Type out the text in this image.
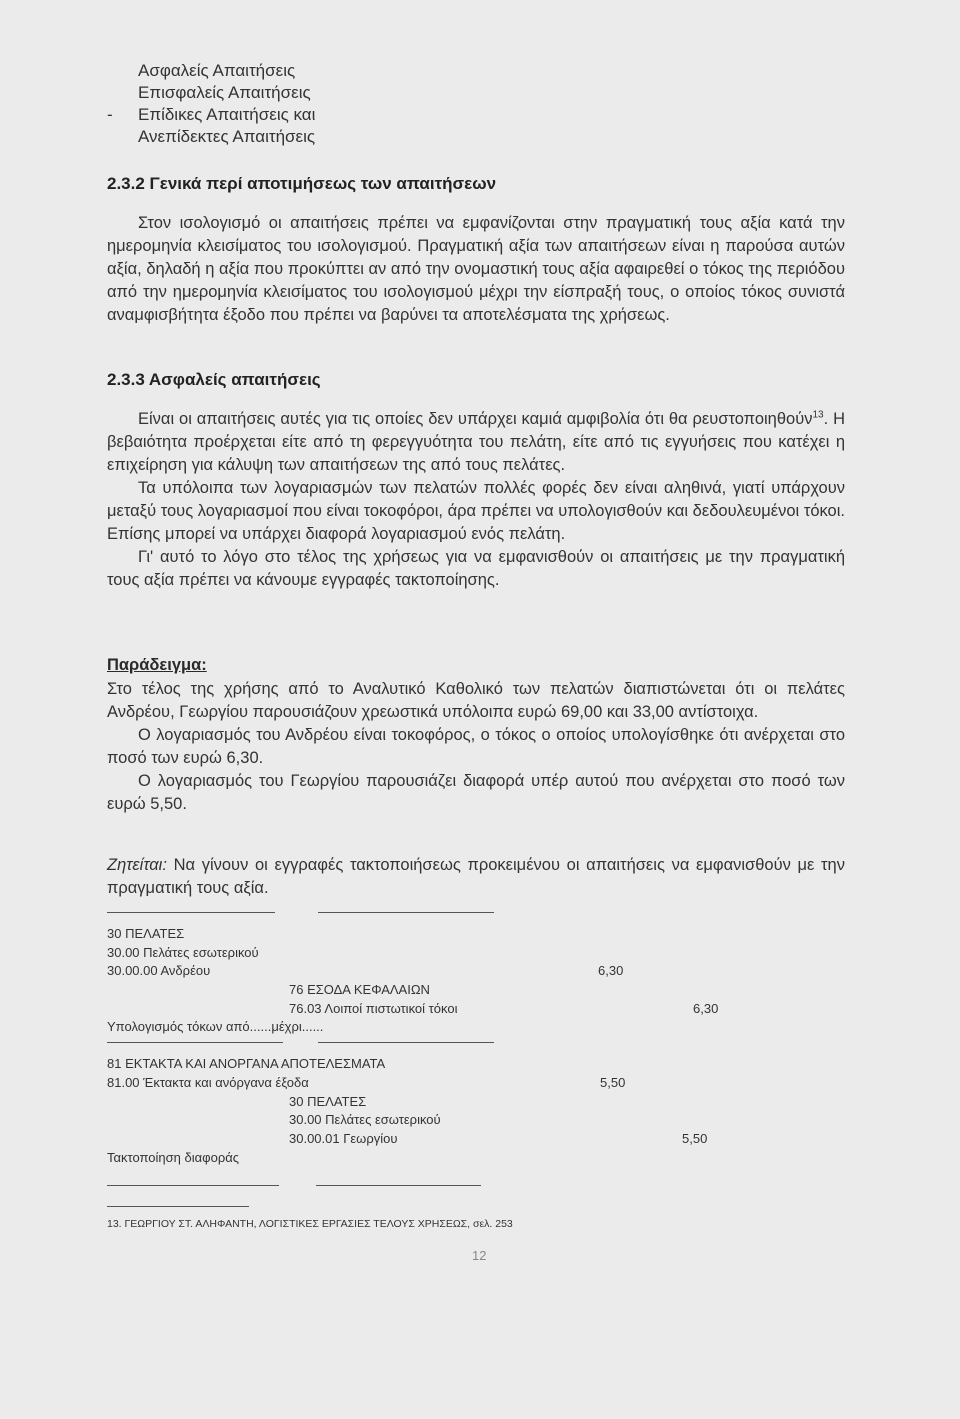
Ασφαλείς Απαιτήσεις
Επισφαλείς Απαιτήσεις
- Επίδικες Απαιτήσεις και
Ανεπίδεκτες Απαιτήσεις
2.3.2 Γενικά περί αποτιμήσεως των απαιτήσεων

Στον ισολογισμό οι απαιτήσεις πρέπει να εμφανίζονται στην πραγματική τους αξία κατά την ημερομηνία κλεισίματος του ισολογισμού. Πραγματική αξία των απαιτήσεων είναι η παρούσα αυτών αξία, δηλαδή η αξία που προκύπτει αν από την ονομαστική τους αξία αφαιρεθεί ο τόκος της περιόδου από την ημερομηνία κλεισίματος του ισολογισμού μέχρι την είσπραξή τους, ο οποίος τόκος συνιστά αναμφισβήτητα έξοδο που πρέπει να βαρύνει τα αποτελέσματα της χρήσεως.

2.3.3 Ασφαλείς απαιτήσεις

Είναι οι απαιτήσεις αυτές για τις οποίες δεν υπάρχει καμιά αμφιβολία ότι θα ρευστοποιηθούν$^{13}$. Η βεβαιότητα προέρχεται είτε από τη φερεγγυότητα του πελάτη, είτε από τις εγγυήσεις που κατέχει η επιχείρηση για κάλυψη των απαιτήσεων της από τους πελάτες.

Τα υπόλοιπα των λογαριασμών των πελατών πολλές φορές δεν είναι αληθινά, γιατί υπάρχουν μεταξύ τους λογαριασμοί που είναι τοκοφόροι, άρα πρέπει να υπολογισθούν και δεδουλευμένοι τόκοι. Επίσης μπορεί να υπάρχει διαφορά λογαριασμού ενός πελάτη.

Γι' αυτό το λόγο στο τέλος της χρήσεως για να εμφανισθούν οι απαιτήσεις με την πραγματική τους αξία πρέπει να κάνουμε εγγραφές τακτοποίησης.

Παράδειγμα:

Στο τέλος της χρήσης από το Αναλυτικό Καθολικό των πελατών διαπιστώνεται ότι οι πελάτες Ανδρέου, Γεωργίου παρουσιάζουν χρεωστικά υπόλοιπα ευρώ 69,00 και 33,00 αντίστοιχα.

Ο λογαριασμός του Ανδρέου είναι τοκοφόρος, ο τόκος ο οποίος υπολογίσθηκε ότι ανέρχεται στο ποσό των ευρώ 6,30.

Ο λογαριασμός του Γεωργίου παρουσιάζει διαφορά υπέρ αυτού που ανέρχεται στο ποσό των ευρώ 5,50.

Ζητείται: Να γίνουν οι εγγραφές τακτοποιήσεως προκειμένου οι απαιτήσεις να εμφανισθούν με την πραγματική τους αξία.

30 ΠΕΛΑΤΕΣ
30.00 Πελάτες εσωτερικού
30.00.00 Ανδρέου	6,30
76 ΕΣΟΔΑ ΚΕΦΑΛΑΙΩΝ
76.03 Λοιποί πιστωτικοί τόκοι	6,30
Υπολογισμός τόκων από......μέχρι......
81 ΕΚΤΑΚΤΑ ΚΑΙ ΑΝΟΡΓΑΝΑ ΑΠΟΤΕΛΕΣΜΑΤΑ
81.00 Έκτακτα και ανόργανα έξοδα	5,50
30 ΠΕΛΑΤΕΣ
30.00 Πελάτες εσωτερικού
30.00.01 Γεωργίου	5,50
Τακτοποίηση διαφοράς
13. ΓΕΩΡΓΙΟΥ ΣΤ. ΑΛΗΦΑΝΤΗ, ΛΟΓΙΣΤΙΚΕΣ ΕΡΓΑΣΙΕΣ ΤΕΛΟΥΣ ΧΡΗΣΕΩΣ, σελ. 253
12
